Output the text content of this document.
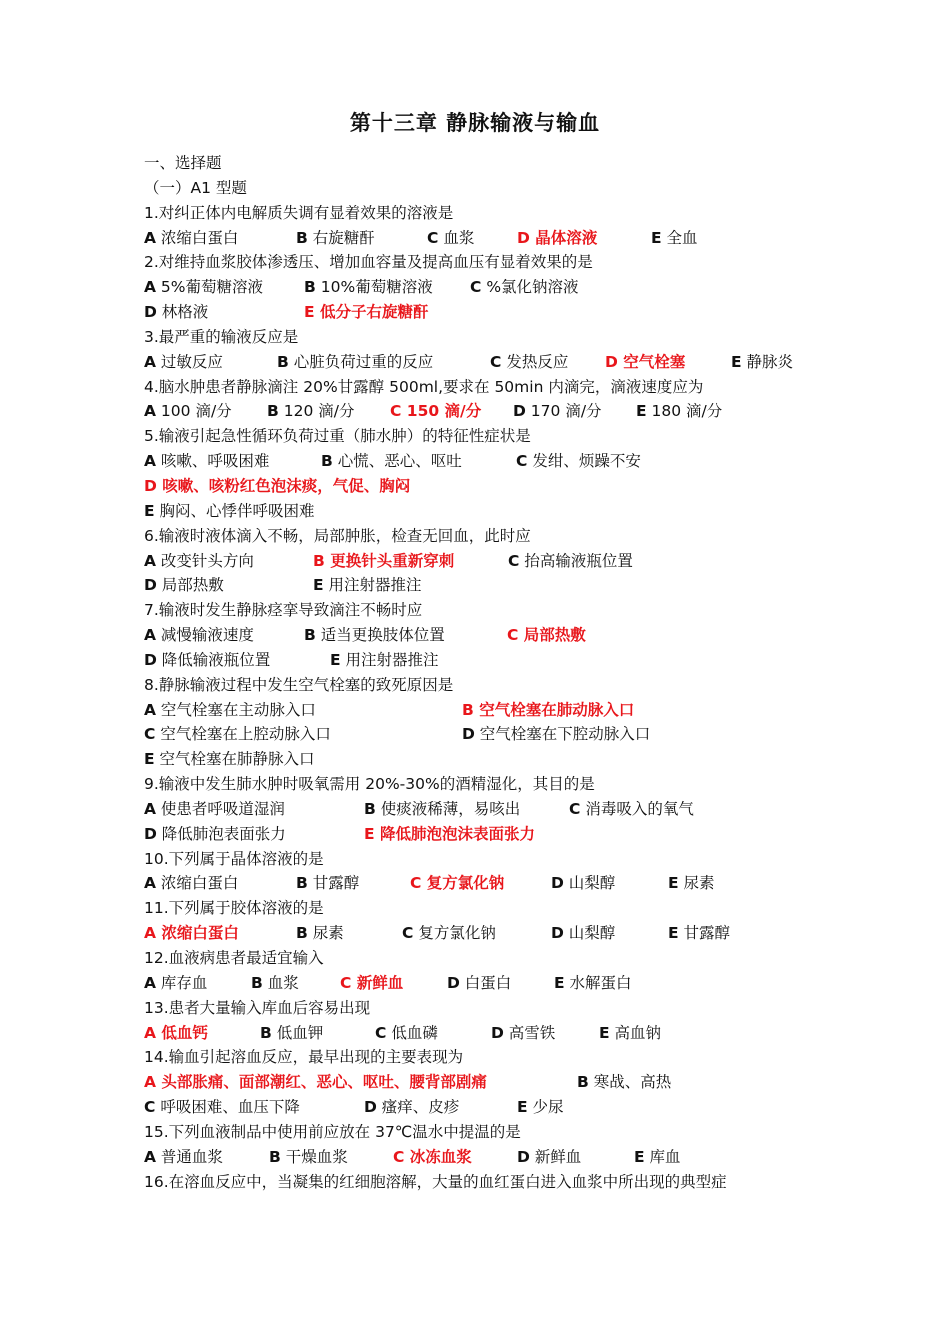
第十三章 静脉输液与输血
一、选择题
（一）A1 型题
1.对纠正体内电解质失调有显着效果的溶液是
A 浓缩白蛋白	B 右旋糖酐	C 血浆	D 晶体溶液	E 全血
2.对维持血浆胶体渗透压、增加血容量及提高血压有显着效果的是
A 5%葡萄糖溶液	B 10%葡萄糖溶液 C %氯化钠溶液
D 林格液	E 低分子右旋糖酐
3.最严重的输液反应是
A 过敏反应	B 心脏负荷过重的反应	C 发热反应 D 空气栓塞	E 静脉炎
4.脑水肿患者静脉滴注 20%甘露醇 500ml,要求在 50min 内滴完，滴液速度应为
A 100 滴/分 B 120 滴/分 C 150 滴/分 D 170 滴/分 E 180 滴/分
5.输液引起急性循环负荷过重（肺水肿）的特征性症状是
A 咳嗽、呼吸困难	B 心慌、恶心、呕吐	C 发绀、烦躁不安
D 咳嗽、咳粉红色泡沫痰，气促、胸闷
E 胸闷、心悸伴呼吸困难
6.输液时液体滴入不畅，局部肿胀，检查无回血，此时应
A 改变针头方向	B 更换针头重新穿刺	C 抬高输液瓶位置
D 局部热敷	E 用注射器推注
7.输液时发生静脉痉挛导致滴注不畅时应
A 减慢输液速度	B 适当更换肢体位置	C 局部热敷
D 降低输液瓶位置	E 用注射器推注
8.静脉输液过程中发生空气栓塞的致死原因是
A 空气栓塞在主动脉入口	B 空气栓塞在肺动脉入口
C 空气栓塞在上腔动脉入口	D 空气栓塞在下腔动脉入口
E 空气栓塞在肺静脉入口
9.输液中发生肺水肿时吸氧需用 20%-30%的酒精湿化，其目的是
A 使患者呼吸道湿润	B 使痰液稀薄，易咳出	C 消毒吸入的氧气
D 降低肺泡表面张力	E 降低肺泡泡沫表面张力
10.下列属于晶体溶液的是
A 浓缩白蛋白	B 甘露醇	C 复方氯化钠	D 山梨醇	E 尿素
11.下列属于胶体溶液的是
A 浓缩白蛋白	B 尿素	C 复方氯化钠	D 山梨醇	E 甘露醇
12.血液病患者最适宜输入
A 库存血	B 血浆	C 新鲜血	D 白蛋白	E 水解蛋白
13.患者大量输入库血后容易出现
A 低血钙	B 低血钾	C 低血磷	D 高雪铁	E 高血钠
14.输血引起溶血反应，最早出现的主要表现为
A 头部胀痛、面部潮红、恶心、呕吐、腰背部剧痛	B 寒战、高热
C 呼吸困难、血压下降	D 瘙痒、皮疹	E 少尿
15.下列血液制品中使用前应放在 37℃温水中提温的是
A 普通血浆	B 干燥血浆	C 冰冻血浆	D 新鲜血	E 库血
16.在溶血反应中，当凝集的红细胞溶解，大量的血红蛋白进入血浆中所出现的典型症
